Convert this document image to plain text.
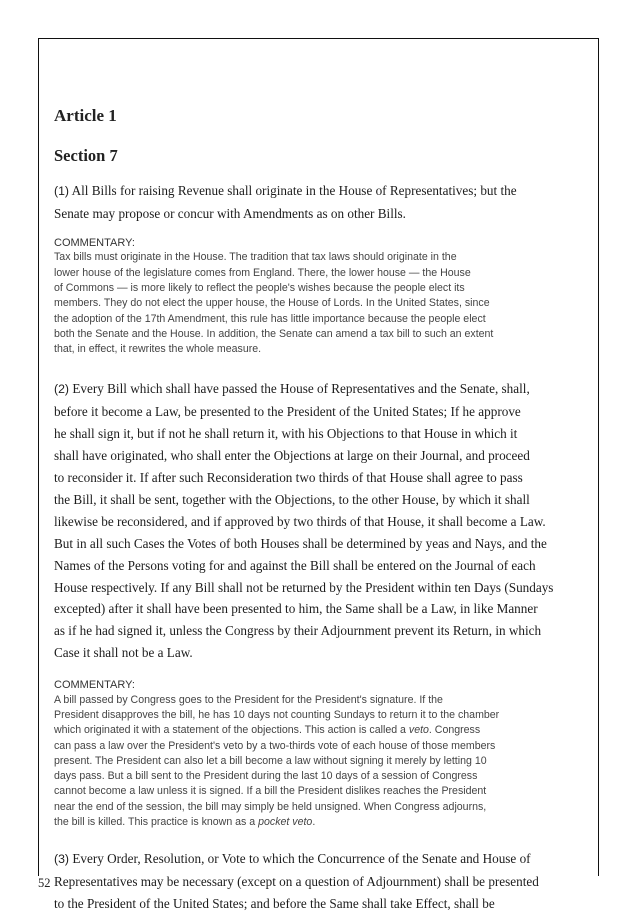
Article 1
Section 7

(1) All Bills for raising Revenue shall originate in the House of Representatives; but the
Senate may propose or concur with Amendments as on other Bills.

COMMENTARY:

Tax bills must originate in the House. The tradition that tax laws should originate in the
lower house of the legislature comes from England. There, the lower house — the House
of Commons — is more likely to reflect the people's wishes because the people elect its
members. They do not elect the upper house, the House of Lords. In the United States, since
the adoption of the 17th Amendment, this rule has little importance because the people elect
both the Senate and the House. In addition, the Senate can amend a tax bill to such an extent
that, in effect, it rewrites the whole measure.

(2) Every Bill which shall have passed the House of Representatives and the Senate, shall,
before it become a Law, be presented to the President of the United States; If he approve
he shall sign it, but if not he shall return it, with his Objections to that House in which it
shall have originated, who shall enter the Objections at large on their Journal, and proceed
to reconsider it. If after such Reconsideration two thirds of that House shall agree to pass
the Bill, it shall be sent, together with the Objections, to the other House, by which it shall
likewise be reconsidered, and if approved by two thirds of that House, it shall become a Law.
But in all such Cases the Votes of both Houses shall be determined by yeas and Nays, and the
Names of the Persons voting for and against the Bill shall be entered on the Journal of each
House respectively. If any Bill shall not be returned by the President within ten Days (Sundays
excepted) after it shall have been presented to him, the Same shall be a Law, in like Manner
as if he had signed it, unless the Congress by their Adjournment prevent its Return, in which
Case it shall not be a Law.

COMMENTARY:

A bill passed by Congress goes to the President for the President's signature. If the
President disapproves the bill, he has 10 days not counting Sundays to return it to the chamber
which originated it with a statement of the objections. This action is called a veto. Congress
can pass a law over the President's veto by a two-thirds vote of each house of those members
present. The President can also let a bill become a law without signing it merely by letting 10
days pass. But a bill sent to the President during the last 10 days of a session of Congress
cannot become a law unless it is signed. If a bill the President dislikes reaches the President
near the end of the session, the bill may simply be held unsigned. When Congress adjourns,
the bill is killed. This practice is known as a pocket veto.

(3) Every Order, Resolution, or Vote to which the Concurrence of the Senate and House of
Representatives may be necessary (except on a question of Adjournment) shall be presented
to the President of the United States; and before the Same shall take Effect, shall be

52
